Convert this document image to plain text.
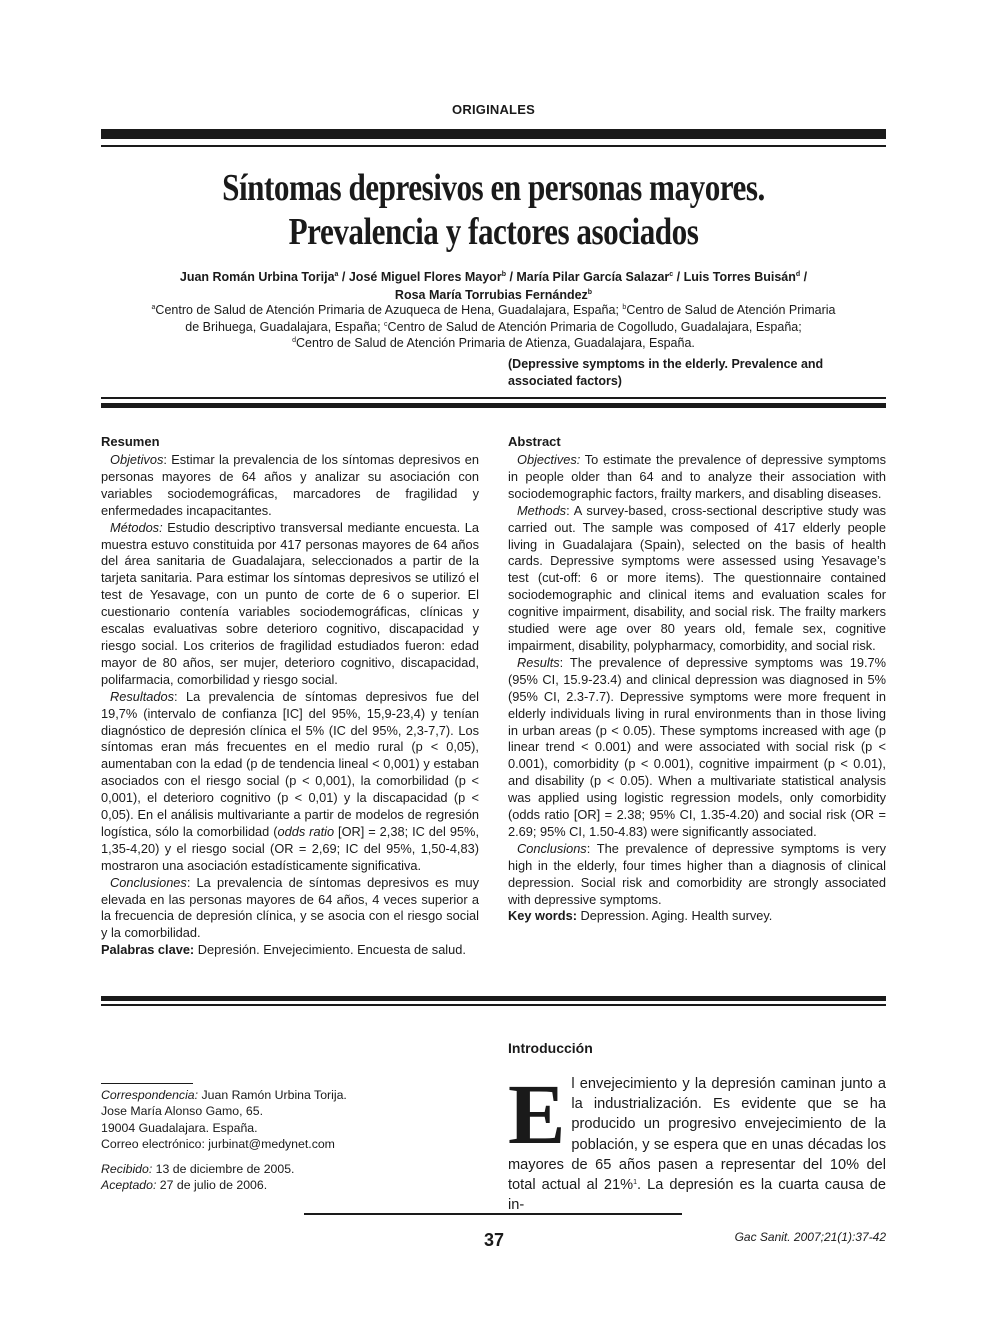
ORIGINALES
Síntomas depresivos en personas mayores.
Prevalencia y factores asociados
Juan Román Urbina Torija$^a$ / José Miguel Flores Mayor$^b$ / María Pilar García Salazar$^c$ / Luis Torres Buisán$^d$ /
Rosa María Torrubias Fernández$^b$
$^a$Centro de Salud de Atención Primaria de Azuqueca de Hena, Guadalajara, España; $^b$Centro de Salud de Atención Primaria
de Brihuega, Guadalajara, España; $^c$Centro de Salud de Atención Primaria de Cogolludo, Guadalajara, España;
$^d$Centro de Salud de Atención Primaria de Atienza, Guadalajara, España.
(Depressive symptoms in the elderly. Prevalence and associated factors)
Resumen

Objetivos: Estimar la prevalencia de los síntomas depresivos en personas mayores de 64 años y analizar su asociación con variables sociodemográficas, marcadores de fragilidad y enfermedades incapacitantes.

Métodos: Estudio descriptivo transversal mediante encuesta. La muestra estuvo constituida por 417 personas mayores de 64 años del área sanitaria de Guadalajara, seleccionados a partir de la tarjeta sanitaria. Para estimar los síntomas depresivos se utilizó el test de Yesavage, con un punto de corte de 6 o superior. El cuestionario contenía variables sociodemográficas, clínicas y escalas evaluativas sobre deterioro cognitivo, discapacidad y riesgo social. Los criterios de fragilidad estudiados fueron: edad mayor de 80 años, ser mujer, deterioro cognitivo, discapacidad, polifarmacia, comorbilidad y riesgo social.

Resultados: La prevalencia de síntomas depresivos fue del 19,7% (intervalo de confianza [IC] del 95%, 15,9-23,4) y tenían diagnóstico de depresión clínica el 5% (IC del 95%, 2,3-7,7). Los síntomas eran más frecuentes en el medio rural (p < 0,05), aumentaban con la edad (p de tendencia lineal < 0,001) y estaban asociados con el riesgo social (p < 0,001), la comorbilidad (p < 0,001), el deterioro cognitivo (p < 0,01) y la discapacidad (p < 0,05). En el análisis multivariante a partir de modelos de regresión logística, sólo la comorbilidad (odds ratio [OR] = 2,38; IC del 95%, 1,35-4,20) y el riesgo social (OR = 2,69; IC del 95%, 1,50-4,83) mostraron una asociación estadísticamente significativa.

Conclusiones: La prevalencia de síntomas depresivos es muy elevada en las personas mayores de 64 años, 4 veces superior a la frecuencia de depresión clínica, y se asocia con el riesgo social y la comorbilidad.

Palabras clave: Depresión. Envejecimiento. Encuesta de salud.

Abstract

Objectives: To estimate the prevalence of depressive symptoms in people older than 64 and to analyze their association with sociodemographic factors, frailty markers, and disabling diseases.

Methods: A survey-based, cross-sectional descriptive study was carried out. The sample was composed of 417 elderly people living in Guadalajara (Spain), selected on the basis of health cards. Depressive symptoms were assessed using Yesavage’s test (cut-off: 6 or more items). The questionnaire contained sociodemographic and clinical items and evaluation scales for cognitive impairment, disability, and social risk. The frailty markers studied were age over 80 years old, female sex, cognitive impairment, disability, polypharmacy, comorbidity, and social risk.

Results: The prevalence of depressive symptoms was 19.7% (95% CI, 15.9-23.4) and clinical depression was diagnosed in 5% (95% CI, 2.3-7.7). Depressive symptoms were more frequent in elderly individuals living in rural environments than in those living in urban areas (p < 0.05). These symptoms increased with age (p linear trend < 0.001) and were associated with social risk (p < 0.001), comorbidity (p < 0.001), cognitive impairment (p < 0.01), and disability (p < 0.05). When a multivariate statistical analysis was applied using logistic regression models, only comorbidity (odds ratio [OR] = 2.38; 95% CI, 1.35-4.20) and social risk (OR = 2.69; 95% CI, 1.50-4.83) were significantly associated.

Conclusions: The prevalence of depressive symptoms is very high in the elderly, four times higher than a diagnosis of clinical depression. Social risk and comorbidity are strongly associated with depressive symptoms.

Key words: Depression. Aging. Health survey.

Correspondencia: Juan Ramón Urbina Torija.

Jose María Alonso Gamo, 65.

19004 Guadalajara. España.

Correo electrónico: jurbinat@medynet.com

Recibido: 13 de diciembre de 2005.

Aceptado: 27 de julio de 2006.

Introducción
El envejecimiento y la depresión caminan junto a la industrialización. Es evidente que se ha producido un progresivo envejecimiento de la población, y se espera que en unas décadas los mayores de 65 años pasen a representar del 10% del total actual al 21%$^1$. La depresión es la cuarta causa de in-
37	Gac Sanit. 2007;21(1):37-42
